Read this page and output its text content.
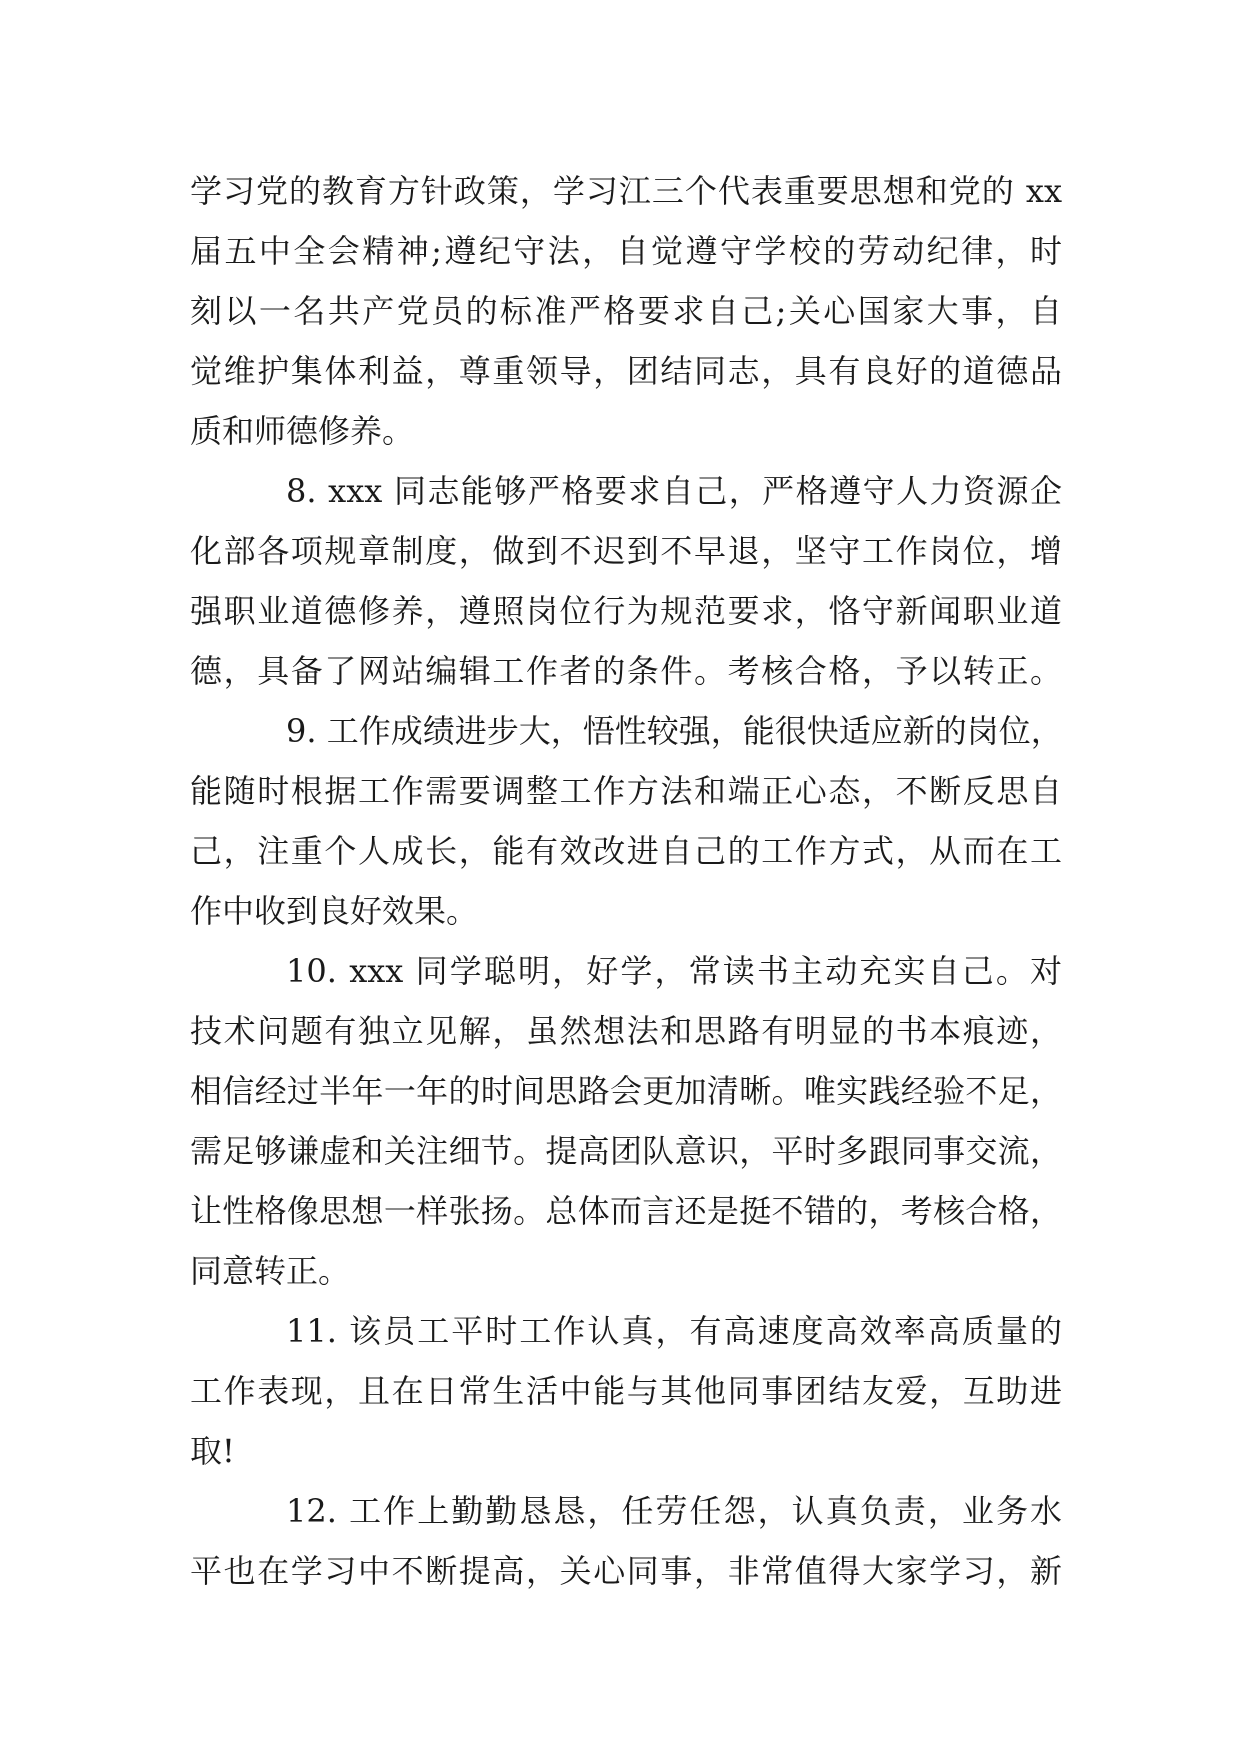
学习党的教育方针政策，学习江三个代表重要思想和党的 xx
届五中全会精神;遵纪守法，自觉遵守学校的劳动纪律，时
刻以一名共产党员的标准严格要求自己;关心国家大事，自
觉维护集体利益，尊重领导，团结同志，具有良好的道德品
质和师德修养。
8. xxx 同志能够严格要求自己，严格遵守人力资源企
化部各项规章制度，做到不迟到不早退，坚守工作岗位，增
强职业道德修养，遵照岗位行为规范要求，恪守新闻职业道
德，具备了网站编辑工作者的条件。考核合格，予以转正。
9. 工作成绩进步大，悟性较强，能很快适应新的岗位，
能随时根据工作需要调整工作方法和端正心态，不断反思自
己，注重个人成长，能有效改进自己的工作方式，从而在工
作中收到良好效果。
10. xxx 同学聪明，好学，常读书主动充实自己。对
技术问题有独立见解，虽然想法和思路有明显的书本痕迹，
相信经过半年一年的时间思路会更加清晰。唯实践经验不足，
需足够谦虚和关注细节。提高团队意识，平时多跟同事交流，
让性格像思想一样张扬。总体而言还是挺不错的，考核合格，
同意转正。
11. 该员工平时工作认真，有高速度高效率高质量的
工作表现，且在日常生活中能与其他同事团结友爱，互助进
取!
12. 工作上勤勤恳恳，任劳任怨，认真负责，业务水
平也在学习中不断提高，关心同事，非常值得大家学习，新
